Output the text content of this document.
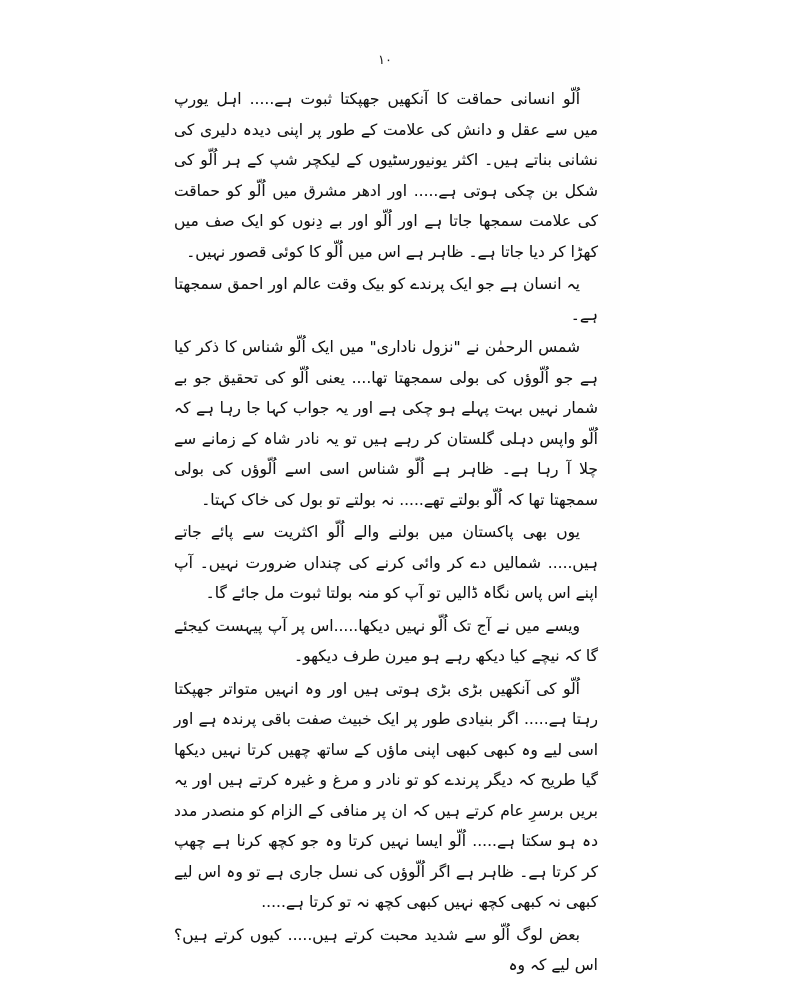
١٠

اُلّو انسانی حماقت کا آنکھیں جھپکتا ثبوت ہے..... اہل یورپ میں سے عقل و دانش کی علامت کے طور پر اپنی دیدہ دلیری کی نشانی بناتے ہیں۔ اکثر یونیورسٹیوں کے لیکچر شپ کے ہر اُلّو کی شکل بن چکی ہوتی ہے..... اور ادھر مشرق میں اُلّو کو حماقت کی علامت سمجھا جاتا ہے اور اُلّو اور بے دِنوں کو ایک صف میں کھڑا کر دیا جاتا ہے۔ ظاہر ہے اس میں اُلّو کا کوئی قصور نہیں۔

یہ انسان ہے جو ایک پرندے کو بیک وقت عالم اور احمق سمجھتا ہے۔

شمس الرحمٰن نے "نزول ناداری" میں ایک اُلّو شناس کا ذکر کیا ہے جو اُلّوؤں کی بولی سمجھتا تھا.... یعنی اُلّو کی تحقیق جو بے شمار نہیں بہت پہلے ہو چکی ہے اور یہ جواب کہا جا رہا ہے کہ اُلّو واپس دہلی گلستان کر رہے ہیں تو یہ نادر شاہ کے زمانے سے چلا آ رہا ہے۔ ظاہر ہے اُلّو شناس اسی اسے اُلّوؤں کی بولی سمجھتا تھا کہ اُلّو بولتے تھے..... نہ بولتے تو بول کی خاک کہتا۔

یوں بھی پاکستان میں بولنے والے اُلّو اکثریت سے پائے جاتے ہیں..... شمالیں دے کر وائی کرنے کی چنداں ضرورت نہیں۔ آپ اپنے اس پاس نگاہ ڈالیں تو آپ کو منہ بولتا ثبوت مل جائے گا۔

ویسے میں نے آج تک اُلّو نہیں دیکھا.....اس پر آپ پیہست کیجئے گا کہ نیچے کیا دیکھ رہے ہو میرن طرف دیکھو۔

اُلّو کی آنکھیں بڑی بڑی ہوتی ہیں اور وہ انہیں متواتر جھپکتا رہتا ہے..... اگر بنیادی طور پر ایک خبیث صفت باقی پرندہ ہے اور اسی لیے وہ کبھی کبھی اپنی ماؤں کے ساتھ چھیں کرتا نہیں دیکھا گیا طریح کہ دیگر پرندے کو تو نادر و مرغ و غیرہ کرتے ہیں اور یہ بریں برسرِ عام کرتے ہیں کہ ان پر منافی کے الزام کو منصدر مدد دہ ہو سکتا ہے..... اُلّو ایسا نہیں کرتا وہ جو کچھ کرنا ہے چھپ کر کرتا ہے۔ ظاہر ہے اگر اُلّوؤں کی نسل جاری ہے تو وہ اس لیے کبھی نہ کبھی کچھ نہیں کبھی کچھ نہ تو کرتا ہے.....

بعض لوگ اُلّو سے شدید محبت کرتے ہیں..... کیوں کرتے ہیں؟ اس لیے کہ وہ
